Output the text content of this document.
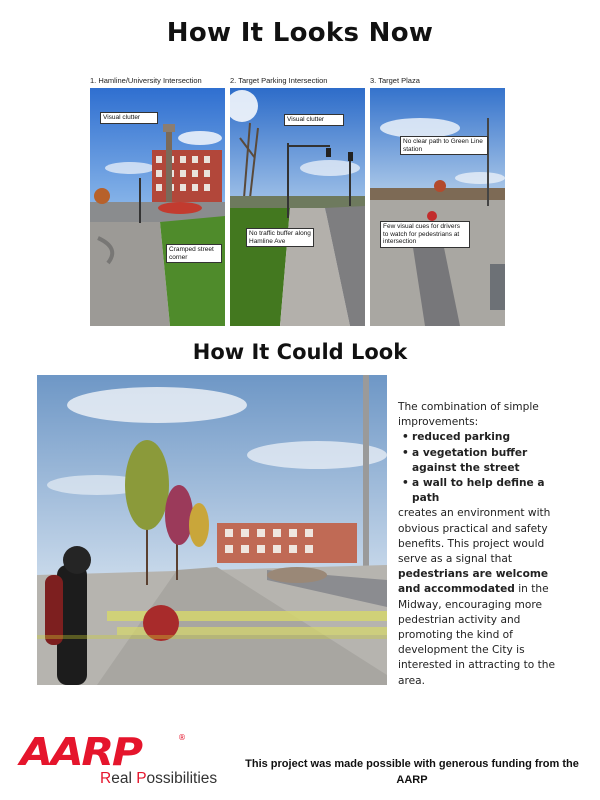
How It Looks Now
1. Hamline/University Intersection
Visual clutter
Cramped street corner
2. Target Parking Intersection
Visual clutter
No traffic buffer along Hamline Ave
3. Target Plaza
No clear path to Green Line station
Few visual cues for drivers to watch for pedestrians at intersection
How It Could Look
The combination of simple improvements:
• reduced parking
• a vegetation buffer against the street
• a wall to help define a path
creates an environment with obvious practical and safety benefits. This project would serve as a signal that pedestrians are welcome and accommodated in the Midway, encouraging more pedestrian activity and promoting the kind of development the City is interested in attracting to the area.
AARP	®
Real Possibilities
This project was made possible with generous funding from the AARP
